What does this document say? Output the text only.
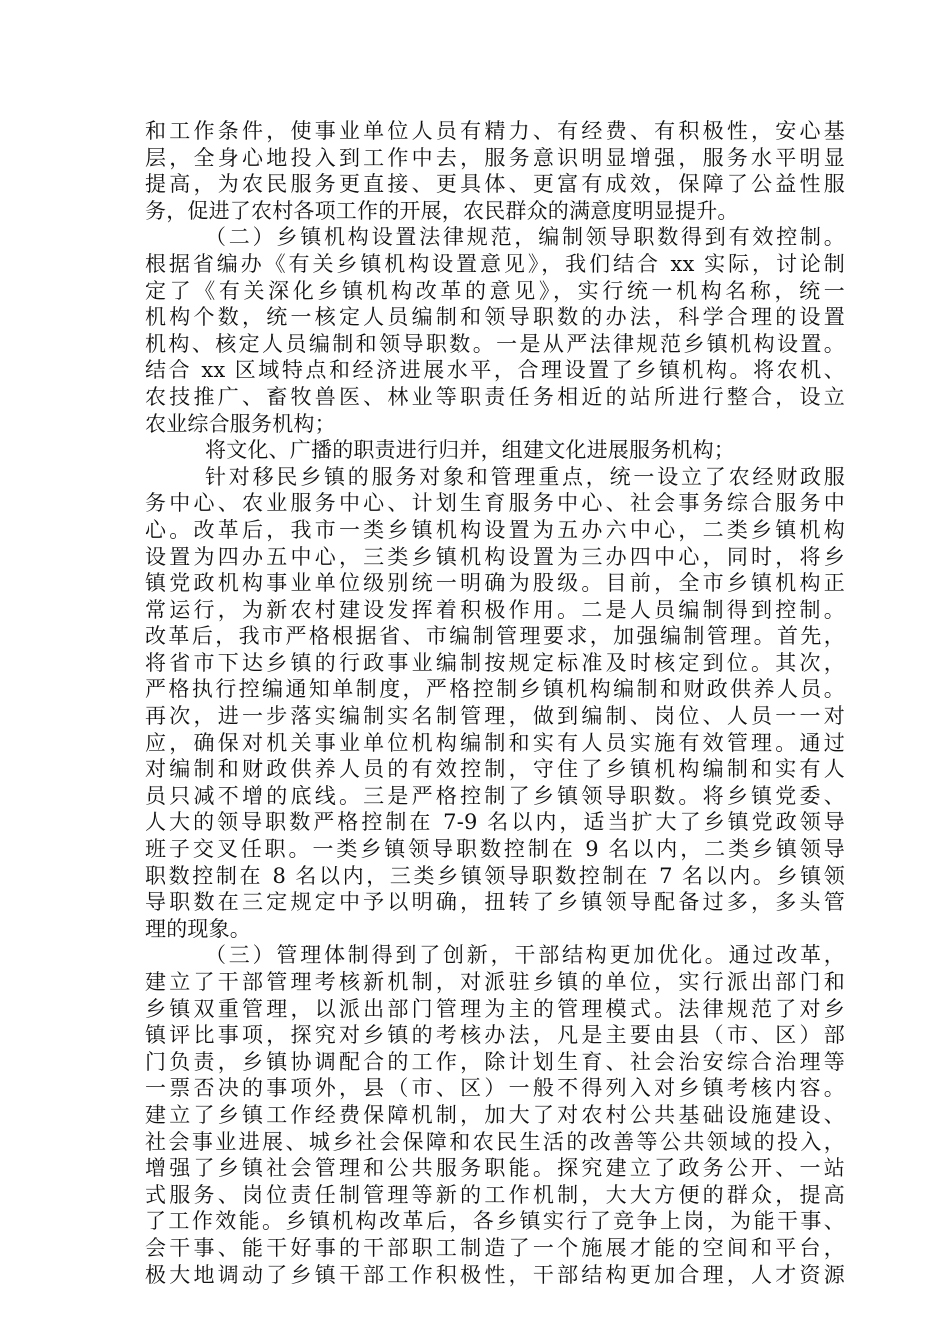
和工作条件，使事业单位人员有精力、有经费、有积极性，安心基
层，全身心地投入到工作中去，服务意识明显增强，服务水平明显
提高，为农民服务更直接、更具体、更富有成效，保障了公益性服
务，促进了农村各项工作的开展，农民群众的满意度明显提升。
（二）乡镇机构设置法律规范，编制领导职数得到有效控制。
根据省编办《有关乡镇机构设置意见》，我们结合 xx 实际，讨论制
定了《有关深化乡镇机构改革的意见》，实行统一机构名称，统一
机构个数，统一核定人员编制和领导职数的办法，科学合理的设置
机构、核定人员编制和领导职数。一是从严法律规范乡镇机构设置。
结合 xx 区域特点和经济进展水平，合理设置了乡镇机构。将农机、
农技推广、畜牧兽医、林业等职责任务相近的站所进行整合，设立
农业综合服务机构；
将文化、广播的职责进行归并，组建文化进展服务机构；
针对移民乡镇的服务对象和管理重点，统一设立了农经财政服
务中心、农业服务中心、计划生育服务中心、社会事务综合服务中
心。改革后，我市一类乡镇机构设置为五办六中心，二类乡镇机构
设置为四办五中心，三类乡镇机构设置为三办四中心，同时，将乡
镇党政机构事业单位级别统一明确为股级。目前，全市乡镇机构正
常运行，为新农村建设发挥着积极作用。二是人员编制得到控制。
改革后，我市严格根据省、市编制管理要求，加强编制管理。首先，
将省市下达乡镇的行政事业编制按规定标准及时核定到位。其次，
严格执行控编通知单制度，严格控制乡镇机构编制和财政供养人员。
再次，进一步落实编制实名制管理，做到编制、岗位、人员一一对
应，确保对机关事业单位机构编制和实有人员实施有效管理。通过
对编制和财政供养人员的有效控制，守住了乡镇机构编制和实有人
员只减不增的底线。三是严格控制了乡镇领导职数。将乡镇党委、
人大的领导职数严格控制在 7-9 名以内，适当扩大了乡镇党政领导
班子交叉任职。一类乡镇领导职数控制在 9 名以内，二类乡镇领导
职数控制在 8 名以内，三类乡镇领导职数控制在 7 名以内。乡镇领
导职数在三定规定中予以明确，扭转了乡镇领导配备过多，多头管
理的现象。
（三）管理体制得到了创新，干部结构更加优化。通过改革，
建立了干部管理考核新机制，对派驻乡镇的单位，实行派出部门和
乡镇双重管理，以派出部门管理为主的管理模式。法律规范了对乡
镇评比事项，探究对乡镇的考核办法，凡是主要由县（市、区）部
门负责，乡镇协调配合的工作，除计划生育、社会治安综合治理等
一票否决的事项外，县（市、区）一般不得列入对乡镇考核内容。
建立了乡镇工作经费保障机制，加大了对农村公共基础设施建设、
社会事业进展、城乡社会保障和农民生活的改善等公共领域的投入，
增强了乡镇社会管理和公共服务职能。探究建立了政务公开、一站
式服务、岗位责任制管理等新的工作机制，大大方便的群众，提高
了工作效能。乡镇机构改革后，各乡镇实行了竞争上岗，为能干事、
会干事、能干好事的干部职工制造了一个施展才能的空间和平台，
极大地调动了乡镇干部工作积极性，干部结构更加合理，人才资源
